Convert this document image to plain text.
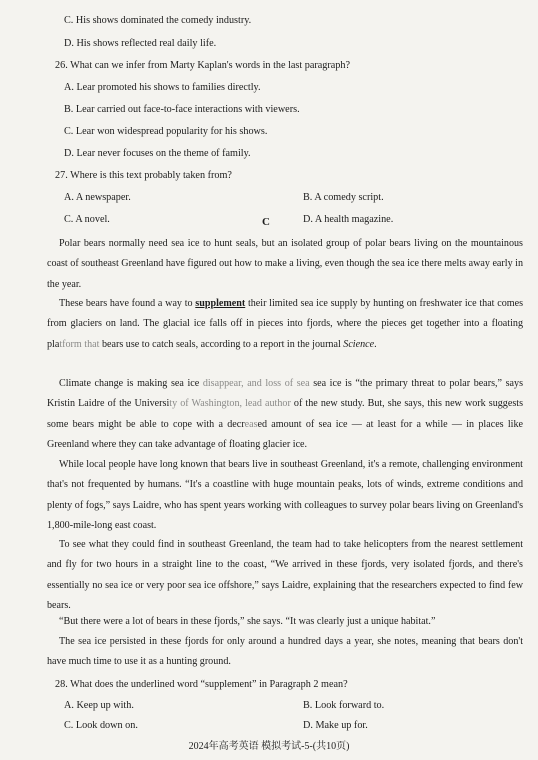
C. His shows dominated the comedy industry.
D. His shows reflected real daily life.
26. What can we infer from Marty Kaplan's words in the last paragraph?
A. Lear promoted his shows to families directly.
B. Lear carried out face-to-face interactions with viewers.
C. Lear won widespread popularity for his shows.
D. Lear never focuses on the theme of family.
27. Where is this text probably taken from?
A. A newspaper.	B. A comedy script.
C. A novel.	D. A health magazine.
C
Polar bears normally need sea ice to hunt seals, but an isolated group of polar bears living on the mountainous coast of southeast Greenland have figured out how to make a living, even though the sea ice there melts away early in the year.
These bears have found a way to supplement their limited sea ice supply by hunting on freshwater ice that comes from glaciers on land. The glacial ice falls off in pieces into fjords, where the pieces get together into a floating platform that bears use to catch seals, according to a report in the journal Science.
Climate change is making sea ice disappear, and loss of sea sea ice is “the primary threat to polar bears,” says Kristin Laidre of the University of Washington, lead author of the new study. But, she says, this new work suggests some bears might be able to cope with a decreased amount of sea ice — at least for a while — in places like Greenland where they can take advantage of floating glacier ice.
While local people have long known that bears live in southeast Greenland, it's a remote, challenging environment that's not frequented by humans. “It's a coastline with huge mountain peaks, lots of winds, extreme conditions and plenty of fogs,” says Laidre, who has spent years working with colleagues to survey polar bears living on Greenland's 1,800-mile-long east coast.
To see what they could find in southeast Greenland, the team had to take helicopters from the nearest settlement and fly for two hours in a straight line to the coast, “We arrived in these fjords, very isolated fjords, and there's essentially no sea ice or very poor sea ice offshore,” says Laidre, explaining that the researchers expected to find few bears.
“But there were a lot of bears in these fjords,” she says. “It was clearly just a unique habitat.”
The sea ice persisted in these fjords for only around a hundred days a year, she notes, meaning that bears don't have much time to use it as a hunting ground.
28. What does the underlined word “supplement” in Paragraph 2 mean?
A. Keep up with.	B. Look forward to.
C. Look down on.	D. Make up for.
2024年高考英语 模拟考试-5-(共10页)
